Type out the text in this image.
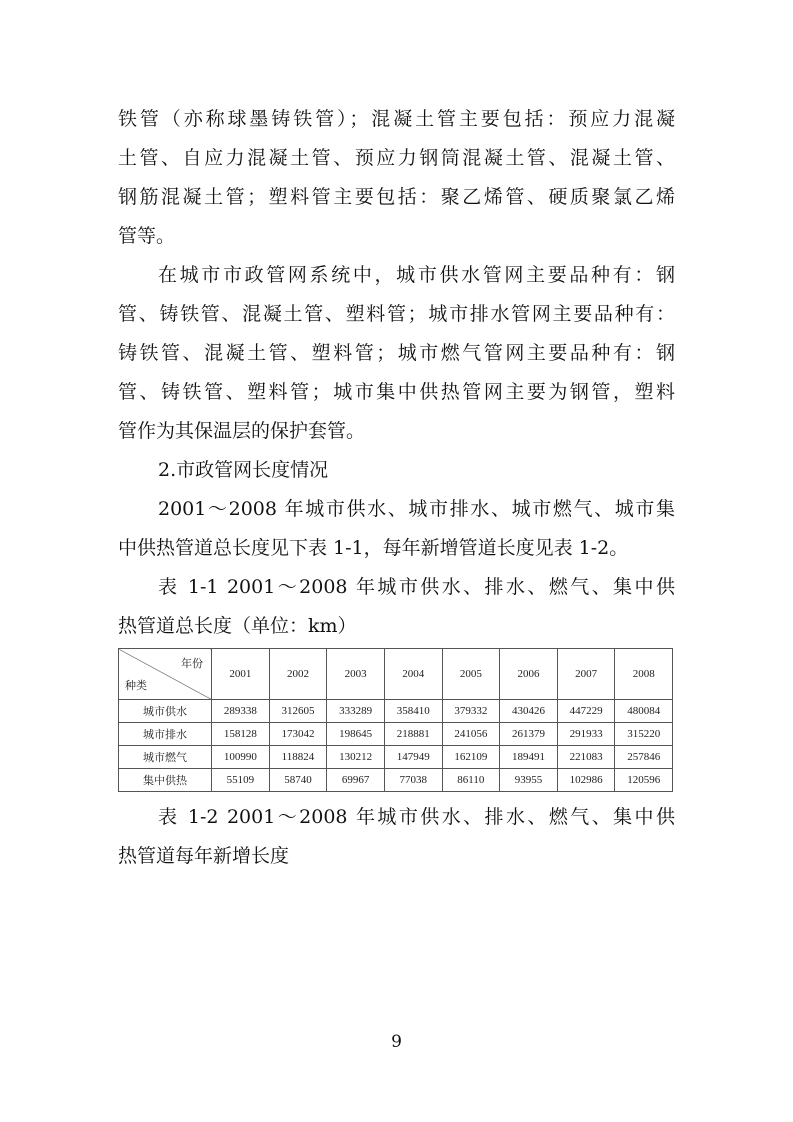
铁管（亦称球墨铸铁管）；混凝土管主要包括：预应力混凝
土管、自应力混凝土管、预应力钢筒混凝土管、混凝土管、
钢筋混凝土管；塑料管主要包括：聚乙烯管、硬质聚氯乙烯
管等。
在城市市政管网系统中，城市供水管网主要品种有：钢
管、铸铁管、混凝土管、塑料管；城市排水管网主要品种有：
铸铁管、混凝土管、塑料管；城市燃气管网主要品种有：钢
管、铸铁管、塑料管；城市集中供热管网主要为钢管，塑料
管作为其保温层的保护套管。
2.市政管网长度情况
2001～2008 年城市供水、城市排水、城市燃气、城市集
中供热管道总长度见下表 1-1，每年新增管道长度见表 1-2。
表 1-1 2001～2008 年城市供水、排水、燃气、集中供
热管道总长度（单位：km）
年份
种类	2001	2002	2003	2004	2005	2006	2007	2008
城市供水	289338	312605	333289	358410	379332	430426	447229	480084
城市排水	158128	173042	198645	218881	241056	261379	291933	315220
城市燃气	100990	118824	130212	147949	162109	189491	221083	257846
集中供热	55109	58740	69967	77038	86110	93955	102986	120596
表 1-2 2001～2008 年城市供水、排水、燃气、集中供
热管道每年新增长度
9
